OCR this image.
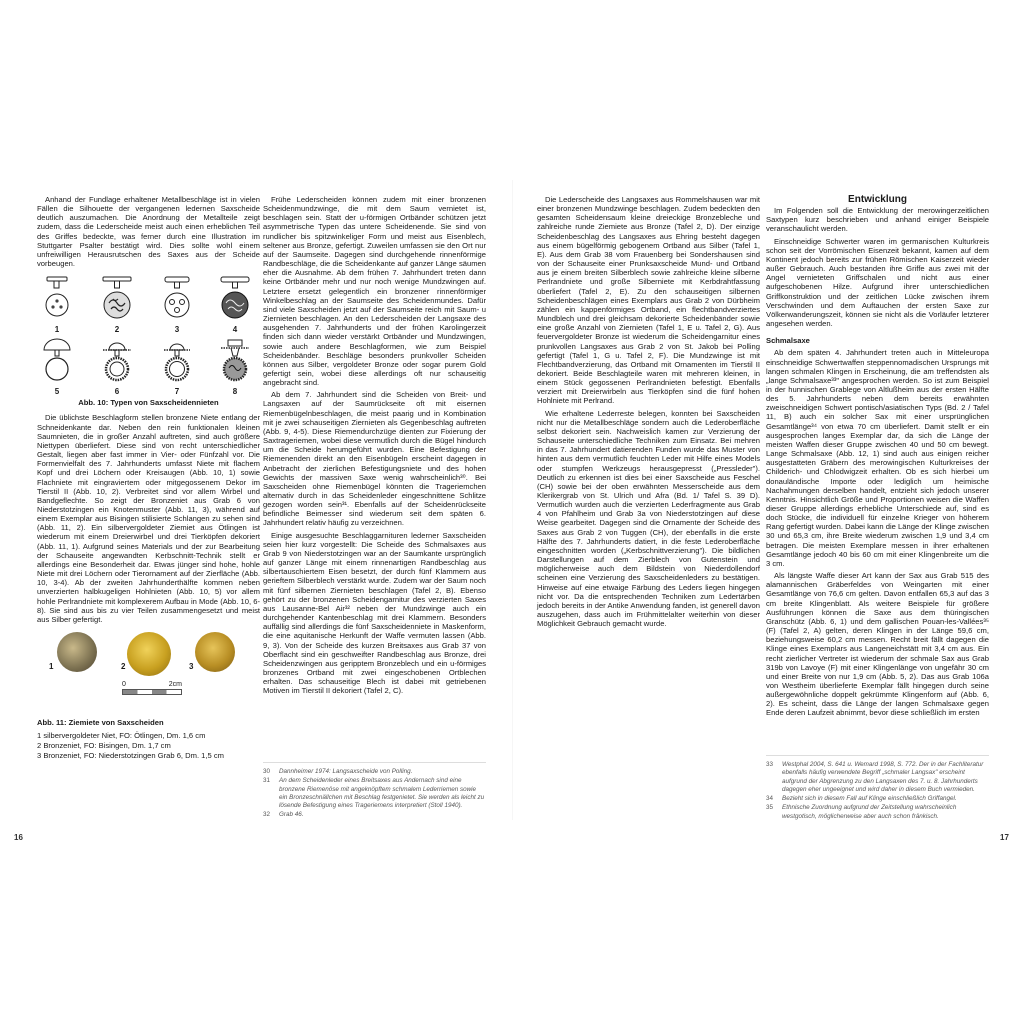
Anhand der Fundlage erhaltener Metallbeschläge ist in vielen Fällen die Silhouette der vergangenen ledernen Saxscheide deutlich auszumachen. Die Anordnung der Metallteile zeigt zudem, dass die Lederscheide meist auch einen erheblichen Teil des Griffes bedeckte, was ferner durch eine Illustration im Stuttgarter Psalter bestätigt wird. Dies sollte wohl einem unfreiwilligen Herausrutschen des Saxes aus der Scheide vorbeugen.

1	2	3	4
5	6	7	8
Abb. 10: Typen von Saxscheidennieten

Die üblichste Beschlagform stellen bronzene Niete entlang der Schneidenkante dar. Neben den rein funktionalen kleinen Saumnieten, die in großer Anzahl auftreten, sind auch größere Niettypen überliefert. Diese sind von recht unterschiedlicher Gestalt, liegen aber fast immer in Vier- oder Fünfzahl vor. Die Formenvielfalt des 7. Jahrhunderts umfasst Niete mit flachem Kopf und drei Löchern oder Kreisaugen (Abb. 10, 1) sowie Flachniete mit eingraviertem oder mitgegossenem Dekor im Tierstil II (Abb. 10, 2). Verbreitet sind vor allem Wirbel und Bandgeflechte. So zeigt der Bronzeniet aus Grab 6 von Niederstotzingen ein Knotenmuster (Abb. 11, 3), während auf einem Exemplar aus Bisingen stilisierte Schlangen zu sehen sind (Abb. 11, 2). Ein silbervergoldeter Ziemiet aus Ötlingen ist wiederum mit einem Dreierwirbel und drei Tierköpfen dekoriert (Abb. 11, 1). Aufgrund seines Materials und der zur Bearbeitung der Schauseite angewandten Kerbschnitt-Technik stellt er allerdings eine Besonderheit dar. Etwas jünger sind hohe, hohle Niete mit drei Löchern oder Tierornament auf der Zierfläche (Abb. 10, 3-4). Ab der zweiten Jahrhunderthälfte kommen neben unverzierten halbkugeligen Hohlnieten (Abb. 10, 5) vor allem hohle Perlrandniete mit komplexerem Aufbau in Mode (Abb. 10, 6-8). Sie sind aus bis zu vier Teilen zusammengesetzt und meist aus Silber gefertigt.

1	2	3
0	2cm
Abb. 11: Ziemiete von Saxscheiden
1 silbervergoldeter Niet, FO: Ötlingen, Dm. 1,6 cm
2 Bronzeniet, FO: Bisingen, Dm. 1,7 cm
3 Bronzeniet, FO: Niederstotzingen Grab 6, Dm. 1,5 cm

Frühe Lederscheiden können zudem mit einer bronzenen Scheidenmundzwinge, die mit dem Saum vernietet ist, beschlagen sein. Statt der u-förmigen Ortbänder schützen jetzt asymmetrische Typen das untere Scheidenende. Sie sind von rundlicher bis spitzwinkeliger Form und meist aus Eisenblech, seltener aus Bronze, gefertigt. Zuweilen umfassen sie den Ort nur auf der Saumseite. Dagegen sind durchgehende rinnenförmige Randbeschläge, die die Scheidenkante auf ganzer Länge säumen eher die Ausnahme. Ab dem frühen 7. Jahrhundert treten dann keine Ortbänder mehr und nur noch wenige Mundzwingen auf. Letztere ersetzt gelegentlich ein bronzener rinnenförmiger Winkelbeschlag an der Saumseite des Scheidenmundes. Dafür sind viele Saxscheiden jetzt auf der Saumseite reich mit Saum- u Ziernieten beschlagen. An den Lederscheiden der Langsaxe des ausgehenden 7. Jahrhunderts und der frühen Karolingerzeit finden sich dann wieder verstärkt Ortbänder und Mundzwingen, sowie auch andere Beschlagformen, wie zum Beispiel Scheidenbänder. Beschläge besonders prunkvoller Scheiden können aus Silber, vergoldeter Bronze oder sogar purem Gold gefertigt sein, wobei diese allerdings oft nur schauseitig angebracht sind.

Ab dem 7. Jahrhundert sind die Scheiden von Breit- und Langsaxen auf der Saumrückseite oft mit eisernen Riemenbügelnbeschlagen, die meist paarig und in Kombination mit je zwei schauseitigen Ziernieten als Gegenbeschlag auftreten (Abb. 9, 4-5). Diese Riemendurchzüge dienten zur Fixierung der Saxtrageriemen, wobei diese vermutlich durch die Bügel hindurch um die Scheide herumgeführt wurden. Eine Befestigung der Riemenenden direkt an den Eisenbügeln erscheint dagegen in Anbetracht der zierlichen Befestigungsniete und des hohen Gewichts der massiven Saxe wenig wahrscheinlich³⁰. Bei Saxscheiden ohne Riemenbügel könnten die Trageriemchen alternativ durch in das Scheidenleder eingeschnittene Schlitze gezogen worden sein³¹. Ebenfalls auf der Scheidenrückseite befindliche Beimesser sind wiederum seit dem späten 6. Jahrhundert relativ häufig zu verzeichnen.

Einige ausgesuchte Beschlaggarnituren lederner Saxscheiden seien hier kurz vorgestellt: Die Scheide des Schmalsaxes aus Grab 9 von Niederstotzingen war an der Saumkante ursprünglich auf ganzer Länge mit einem rinnenartigen Randbeschlag aus silbertauschiertem Eisen besetzt, der durch fünf Klammern aus gerieftem Silberblech verstärkt wurde. Zudem war der Saum noch mit fünf silbernen Ziernieten beschlagen (Tafel 2, B). Ebenso gehört zu der bronzenen Scheidengarnitur des verzierten Saxes aus Lausanne-Bel Air³² neben der Mundzwinge auch ein durchgehender Kantenbeschlag mit drei Klammern. Besonders auffällig sind allerdings die fünf Saxscheidenniete in Maskenform, die eine aquitanische Herkunft der Waffe vermuten lassen (Abb. 9, 3). Von der Scheide des kurzen Breitsaxes aus Grab 37 von Oberflacht sind ein geschweifter Randbeschlag aus Bronze, drei Scheidenzwingen aus geripptem Bronzeblech und ein u-förmiges bronzenes Ortband mit zwei eingeschobenen Ortblechen erhalten. Das schauseitige Blech ist dabei mit getriebenen Motiven im Tierstil II dekoriert (Tafel 2, C).

30	Dannheimer 1974: Langsaxscheide von Polling.
31	An dem Scheidenleder eines Breitsaxes aus Andernach sind eine bronzene Riemenöse mit angeknöpftem schmalem Lederriemen sowie ein Bronzeschnällchen mit Beschlag festgenietet. Sie werden als leicht zu lösende Befestigung eines Trageriemens interpretiert (Stoll 1940).
32	Grab 46.
16

Die Lederscheide des Langsaxes aus Rommelshausen war mit einer bronzenen Mundzwinge beschlagen. Zudem bedeckten den gesamten Scheidensaum kleine dreieckige Bronzebleche und zahlreiche runde Ziemiete aus Bronze (Tafel 2, D). Der einzige Scheidenbeschlag des Langsaxes aus Ehring besteht dagegen aus einem bügelförmig gebogenem Ortband aus Silber (Tafel 1, E). Aus dem Grab 38 vom Frauenberg bei Sondershausen sind von der Schauseite einer Prunksaxscheide Mund- und Ortband aus je einem breiten Silberblech sowie zahlreiche kleine silberne Perlrandniete und große Silberniete mit Kerbdrahtfassung überliefert (Tafel 2, E). Zu den schauseitigen silbernen Scheidenbeschlägen eines Exemplars aus Grab 2 von Dürbheim zählen ein kappenförmiges Ortband, ein flechtbandverziertes Mundblech und drei gleichsam dekorierte Scheidenbänder sowie eine große Anzahl von Ziernieten (Tafel 1, E u. Tafel 2, G). Aus feuervergoldeter Bronze ist wiederum die Scheidengarnitur eines prunkvollen Langsaxes aus Grab 2 von St. Jakob bei Polling gefertigt (Tafel 1, G u. Tafel 2, F). Die Mundzwinge ist mit Flechtbandverzierung, das Ortband mit Ornamenten im Tierstil II dekoriert. Beide Beschlagteile waren mit mehreren kleinen, in einem Stück gegossenen Perlrandnieten befestigt. Ebenfalls verziert mit Dreierwirbeln aus Tierköpfen sind die fünf hohen Hohlniete mit Perlrand.

Wie erhaltene Lederreste belegen, konnten bei Saxscheiden nicht nur die Metallbeschläge sondern auch die Lederoberfläche selbst dekoriert sein. Nachweislich kamen zur Verzierung der Schauseite unterschiedliche Techniken zum Einsatz. Bei mehren in das 7. Jahrhundert datierenden Funden wurde das Muster von hinten aus dem vermutlich feuchten Leder mit Hilfe eines Models oder stumpfen Werkzeugs herausgepresst („Pressleder"). Deutlich zu erkennen ist dies bei einer Saxscheide aus Feschel (CH) sowie bei der oben erwähnten Messerscheide aus dem Klerikergrab von St. Ulrich und Afra (Bd. 1/ Tafel S. 39 D). Vermutlich wurden auch die verzierten Lederfragmente aus Grab 4 von Pfahlheim und Grab 3a von Niederstotzingen auf diese Weise gearbeitet. Dagegen sind die Ornamente der Scheide des Saxes aus Grab 2 von Tuggen (CH), der ebenfalls in die erste Hälfte des 7. Jahrhunderts datiert, in die feste Lederoberfläche eingeschnitten worden („Kerbschnittverzierung"). Die bildlichen Darstellungen auf dem Zierblech von Gutenstein und möglicherweise auch dem Bildstein von Niederdollendorf scheinen eine Verzierung des Saxscheidenleders zu bestätigen. Hinweise auf eine etwaige Färbung des Leders liegen hingegen nicht vor. Da die entsprechenden Techniken zum Ledertärben jedoch bereits in der Antike Anwendung fanden, ist generell davon auszugehen, dass auch im Frühmittelalter weiterhin von dieser Möglichkeit Gebrauch gemacht wurde.

Entwicklung

Im Folgenden soll die Entwicklung der merowingerzeitlichen Saxtypen kurz beschrieben und anhand einiger Beispiele veranschaulicht werden.

Einschneidige Schwerter waren im germanischen Kulturkreis schon seit der Vorrömischen Eisenzeit bekannt, kamen auf dem Kontinent jedoch bereits zur frühen Römischen Kaiserzeit wieder außer Gebrauch. Auch bestanden ihre Griffe aus zwei mit der Angel vernieteten Griffschalen und nicht aus einer aufgeschobenen Hilze. Aufgrund ihrer unterschiedlichen Griffkonstruktion und der zeitlichen Lücke zwischen ihrem Verschwinden und dem Auftauchen der ersten Saxe zur Völkerwanderungszeit, können sie nicht als die Vorläufer letzterer angesehen werden.

Schmalsaxe

Ab dem späten 4. Jahrhundert treten auch in Mitteleuropa einschneidige Schwertwaffen steppennomadischen Ursprungs mit langen schmalen Klingen in Erscheinung, die am treffendsten als „lange Schmalsaxe³³" angesprochen werden. So ist zum Beispiel in der hunnischen Grablege von Altlußheim aus der ersten Hälfte des 5. Jahrhunderts neben dem bereits erwähnten zweischneidigen Schwert pontisch/asiatischen Typs (Bd. 2 / Tafel 11, B) auch ein solcher Sax mit einer ursprünglichen Gesamtlänge³⁴ von etwa 70 cm überliefert. Damit stellt er ein ausgesprochen langes Exemplar dar, da sich die Länge der meisten Waffen dieser Gruppe zwischen 40 und 50 cm bewegt. Lange Schmalsaxe (Abb. 12, 1) sind auch aus einigen reicher ausgestatteten Gräbern des merowingischen Kulturkreises der Childerich- und Chlodwigzeit erhalten. Ob es sich hierbei um donauländische Importe oder lediglich um heimische Nachahmungen derselben handelt, entzieht sich jedoch unserer Kenntnis. Hinsichtlich Größe und Proportionen weisen die Waffen dieser Gruppe allerdings erhebliche Unterschiede auf, sind es doch Stücke, die individuell für einzelne Krieger von höherem Rang gefertigt wurden. Dabei kann die Länge der Klinge zwischen 30 und 65,3 cm, ihre Breite wiederum zwischen 1,9 und 3,4 cm betragen. Die meisten Exemplare messen in ihrer erhaltenen Gesamtlänge jedoch 40 bis 60 cm mit einer Klingenbreite um die 3 cm.

Als längste Waffe dieser Art kann der Sax aus Grab 515 des alamannischen Gräberfeldes von Weingarten mit einer Gesamtlänge von 76,6 cm gelten. Davon entfallen 65,3 auf das 3 cm breite Klingenblatt. Als weitere Beispiele für größere Ausführungen können die Saxe aus dem thüringischen Granschütz (Abb. 6, 1) und dem gallischen Pouan-les-Vallées³⁵ (F) (Tafel 2, A) gelten, deren Klingen in der Länge 59,6 cm, beziehungsweise 60,2 cm messen. Recht breit fällt dagegen die Klinge eines Exemplars aus Langeneichstätt mit 3,4 cm aus. Ein recht zierlicher Vertreter ist wiederum der schmale Sax aus Grab 319b von Lavoye (F) mit einer Klingenlänge von ungefähr 30 cm und einer Breite von nur 1,9 cm (Abb. 5, 2). Das aus Grab 106a von Westheim überlieferte Exemplar fällt hingegen durch seine außergewöhnliche doppelt gekrümmte Klingenform auf (Abb. 6, 2). Es scheint, dass die Länge der langen Schmalsaxe gegen Ende deren Laufzeit abnimmt, bevor diese schließlich im ersten

33	Westphal 2004, S. 641 u. Wemard 1998, S. 772. Der in der Fachliteratur ebenfalls häufig verwendete Begriff „schmaler Langsax" erscheint aufgrund der Abgrenzung zu den Langsaxen des 7. u. 8. Jahrhunderts dagegen eher ungeeignet und wird daher in diesem Buch vermieden.
34	Bezieht sich in diesem Fall auf Klinge einschließlich Griffangel.
35	Ethnische Zuordnung aufgrund der Zeitstellung wahrscheinlich westgotisch, möglicherweise aber auch schon fränkisch.
17
